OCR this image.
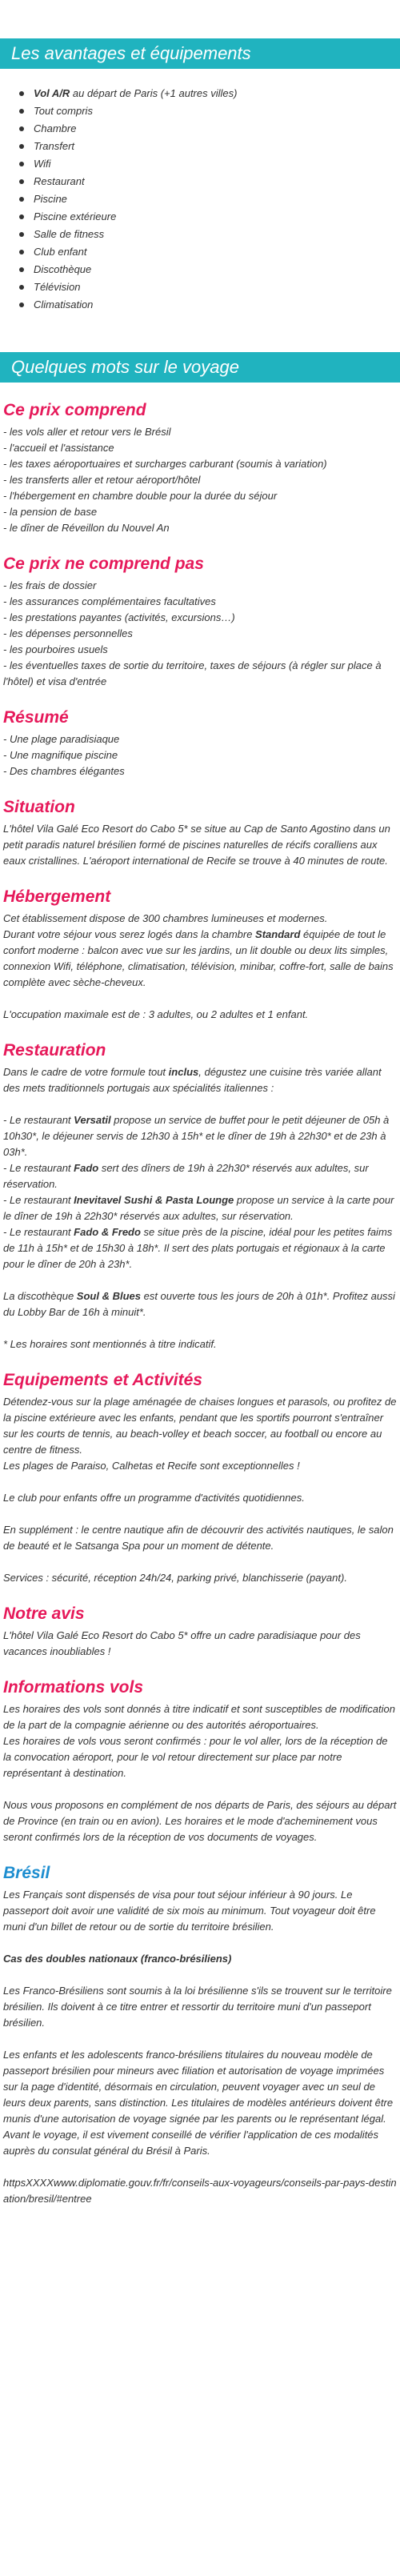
Les avantages et équipements
Vol A/R au départ de Paris (+1 autres villes)
Tout compris
Chambre
Transfert
Wifi
Restaurant
Piscine
Piscine extérieure
Salle de fitness
Club enfant
Discothèque
Télévision
Climatisation
Quelques mots sur le voyage
Ce prix comprend

- les vols aller et retour vers le Brésil

- l'accueil et l'assistance

- les taxes aéroportuaires et surcharges carburant (soumis à variation)

- les transferts aller et retour aéroport/hôtel

- l'hébergement en chambre double pour la durée du séjour

- la pension de base

- le dîner de Réveillon du Nouvel An

Ce prix ne comprend pas

- les frais de dossier

- les assurances complémentaires facultatives

- les prestations payantes (activités, excursions…)

- les dépenses personnelles

- les pourboires usuels

- les éventuelles taxes de sortie du territoire, taxes de séjours (à régler sur place à l'hôtel) et visa d'entrée

Résumé

- Une plage paradisiaque

- Une magnifique piscine

- Des chambres élégantes

Situation

L'hôtel Vila Galé Eco Resort do Cabo 5* se situe au Cap de Santo Agostino dans un petit paradis naturel brésilien formé de piscines naturelles de récifs coralliens aux eaux cristallines. L'aéroport international de Recife se trouve à 40 minutes de route.

Hébergement

Cet établissement dispose de 300 chambres lumineuses et modernes.

Durant votre séjour vous serez logés dans la chambre Standard équipée de tout le confort moderne : balcon avec vue sur les jardins, un lit double ou deux lits simples, connexion Wifi, téléphone, climatisation, télévision, minibar, coffre-fort, salle de bains complète avec sèche-cheveux.

L'occupation maximale est de : 3 adultes, ou 2 adultes et 1 enfant.

Restauration

Dans le cadre de votre formule tout inclus, dégustez une cuisine très variée allant des mets traditionnels portugais aux spécialités italiennes :

- Le restaurant Versatil propose un service de buffet pour le petit déjeuner de 05h à 10h30*, le déjeuner servis de 12h30 à 15h* et le dîner de 19h à 22h30* et de 23h à 03h*.

- Le restaurant Fado sert des dîners de 19h à 22h30* réservés aux adultes, sur réservation.

- Le restaurant Inevitavel Sushi & Pasta Lounge propose un service à la carte pour le dîner de 19h à 22h30* réservés aux adultes, sur réservation.

- Le restaurant Fado & Fredo se situe près de la piscine, idéal pour les petites faims de 11h à 15h* et de 15h30 à 18h*. Il sert des plats portugais et régionaux à la carte pour le dîner de 20h à 23h*.

La discothèque Soul & Blues est ouverte tous les jours de 20h à 01h*. Profitez aussi du Lobby Bar de 16h à minuit*.

* Les horaires sont mentionnés à titre indicatif.

Equipements et Activités

Détendez-vous sur la plage aménagée de chaises longues et parasols, ou profitez de la piscine extérieure avec les enfants, pendant que les sportifs pourront s'entraîner sur les courts de tennis, au beach-volley et beach soccer, au football ou encore au centre de fitness.

Les plages de Paraiso, Calhetas et Recife sont exceptionnelles !

Le club pour enfants offre un programme d'activités quotidiennes.

En supplément : le centre nautique afin de découvrir des activités nautiques, le salon de beauté et le Satsanga Spa pour un moment de détente.

Services : sécurité, réception 24h/24, parking privé, blanchisserie (payant).

Notre avis

L'hôtel Vila Galé Eco Resort do Cabo 5* offre un cadre paradisiaque pour des vacances inoubliables !

Informations vols

Les horaires des vols sont donnés à titre indicatif et sont susceptibles de modification de la part de la compagnie aérienne ou des autorités aéroportuaires.

Les horaires de vols vous seront confirmés : pour le vol aller, lors de la réception de la convocation aéroport, pour le vol retour directement sur place par notre représentant à destination.

Nous vous proposons en complément de nos départs de Paris, des séjours au départ de Province (en train ou en avion). Les horaires et le mode d'acheminement vous seront confirmés lors de la réception de vos documents de voyages.

Brésil

Les Français sont dispensés de visa pour tout séjour inférieur à 90 jours. Le passeport doit avoir une validité de six mois au minimum. Tout voyageur doit être muni d'un billet de retour ou de sortie du territoire brésilien.

Cas des doubles nationaux (franco-brésiliens)

Les Franco-Brésiliens sont soumis à la loi brésilienne s'ils se trouvent sur le territoire brésilien. Ils doivent à ce titre entrer et ressortir du territoire muni d'un passeport brésilien.

Les enfants et les adolescents franco-brésiliens titulaires du nouveau modèle de passeport brésilien pour mineurs avec filiation et autorisation de voyage imprimées sur la page d'identité, désormais en circulation, peuvent voyager avec un seul de leurs deux parents, sans distinction. Les titulaires de modèles antérieurs doivent être munis d'une autorisation de voyage signée par les parents ou le représentant légal. Avant le voyage, il est vivement conseillé de vérifier l'application de ces modalités auprès du consulat général du Brésil à Paris.

httpsXXXXwww.diplomatie.gouv.fr/fr/conseils-aux-voyageurs/conseils-par-pays-destination/bresil/#entree
